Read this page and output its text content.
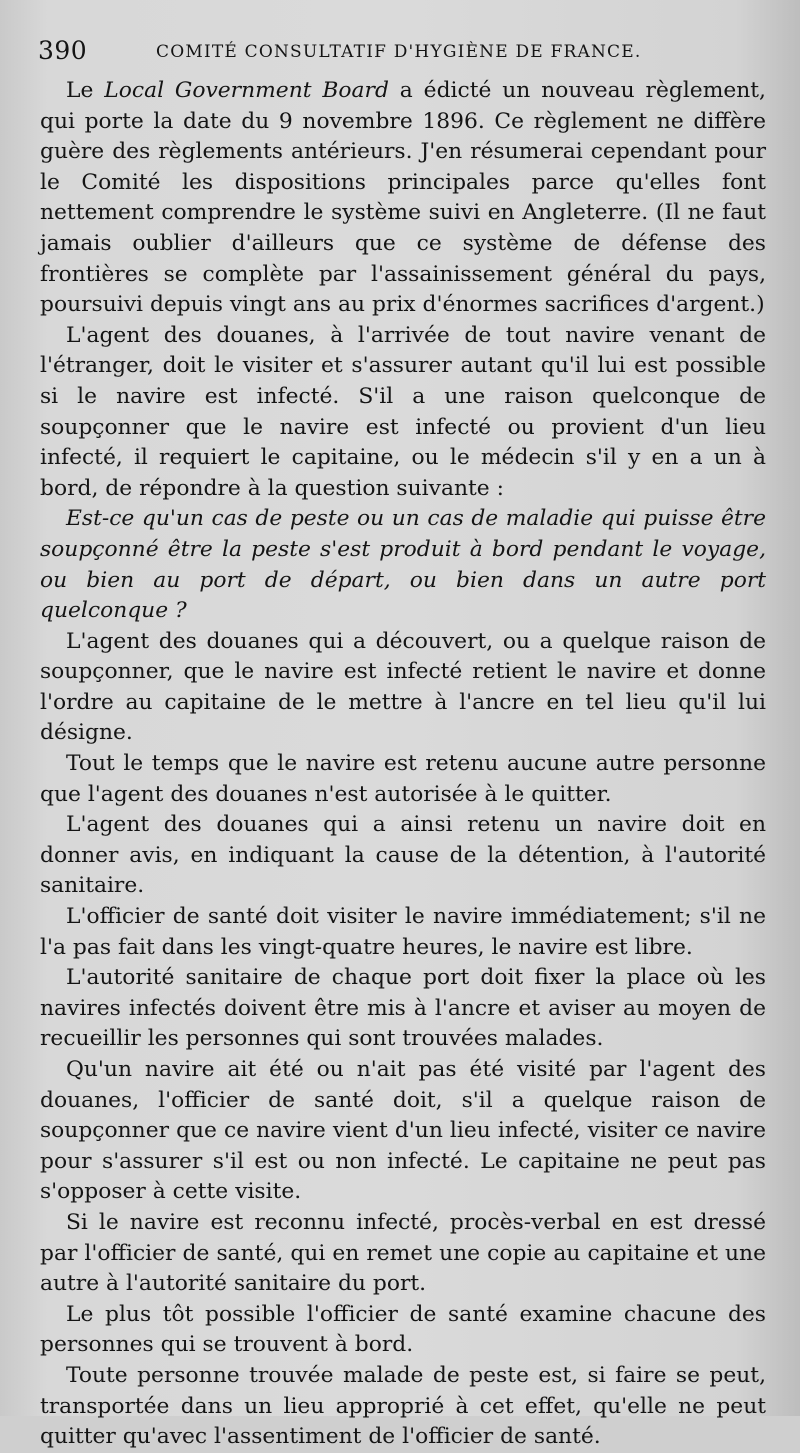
390	COMITÉ CONSULTATIF D'HYGIÈNE DE FRANCE.

Le Local Government Board a édicté un nouveau règlement, qui porte la date du 9 novembre 1896. Ce règlement ne diffère guère des règlements antérieurs. J'en résumerai cependant pour le Comité les dispositions principales parce qu'elles font nettement comprendre le système suivi en Angleterre. (Il ne faut jamais oublier d'ailleurs que ce système de défense des frontières se complète par l'assainissement général du pays, poursuivi depuis vingt ans au prix d'énormes sacrifices d'argent.)

L'agent des douanes, à l'arrivée de tout navire venant de l'étranger, doit le visiter et s'assurer autant qu'il lui est possible si le navire est infecté. S'il a une raison quelconque de soupçonner que le navire est infecté ou provient d'un lieu infecté, il requiert le capitaine, ou le médecin s'il y en a un à bord, de répondre à la question suivante :

Est-ce qu'un cas de peste ou un cas de maladie qui puisse être soupçonné être la peste s'est produit à bord pendant le voyage, ou bien au port de départ, ou bien dans un autre port quelconque ?

L'agent des douanes qui a découvert, ou a quelque raison de soupçonner, que le navire est infecté retient le navire et donne l'ordre au capitaine de le mettre à l'ancre en tel lieu qu'il lui désigne.

Tout le temps que le navire est retenu aucune autre personne que l'agent des douanes n'est autorisée à le quitter.

L'agent des douanes qui a ainsi retenu un navire doit en donner avis, en indiquant la cause de la détention, à l'autorité sanitaire.

L'officier de santé doit visiter le navire immédiatement; s'il ne l'a pas fait dans les vingt-quatre heures, le navire est libre.

L'autorité sanitaire de chaque port doit fixer la place où les navires infectés doivent être mis à l'ancre et aviser au moyen de recueillir les personnes qui sont trouvées malades.

Qu'un navire ait été ou n'ait pas été visité par l'agent des douanes, l'officier de santé doit, s'il a quelque raison de soupçonner que ce navire vient d'un lieu infecté, visiter ce navire pour s'assurer s'il est ou non infecté. Le capitaine ne peut pas s'opposer à cette visite.

Si le navire est reconnu infecté, procès-verbal en est dressé par l'officier de santé, qui en remet une copie au capitaine et une autre à l'autorité sanitaire du port.

Le plus tôt possible l'officier de santé examine chacune des personnes qui se trouvent à bord.

Toute personne trouvée malade de peste est, si faire se peut, transportée dans un lieu approprié à cet effet, qu'elle ne peut quitter qu'avec l'assentiment de l'officier de santé.
